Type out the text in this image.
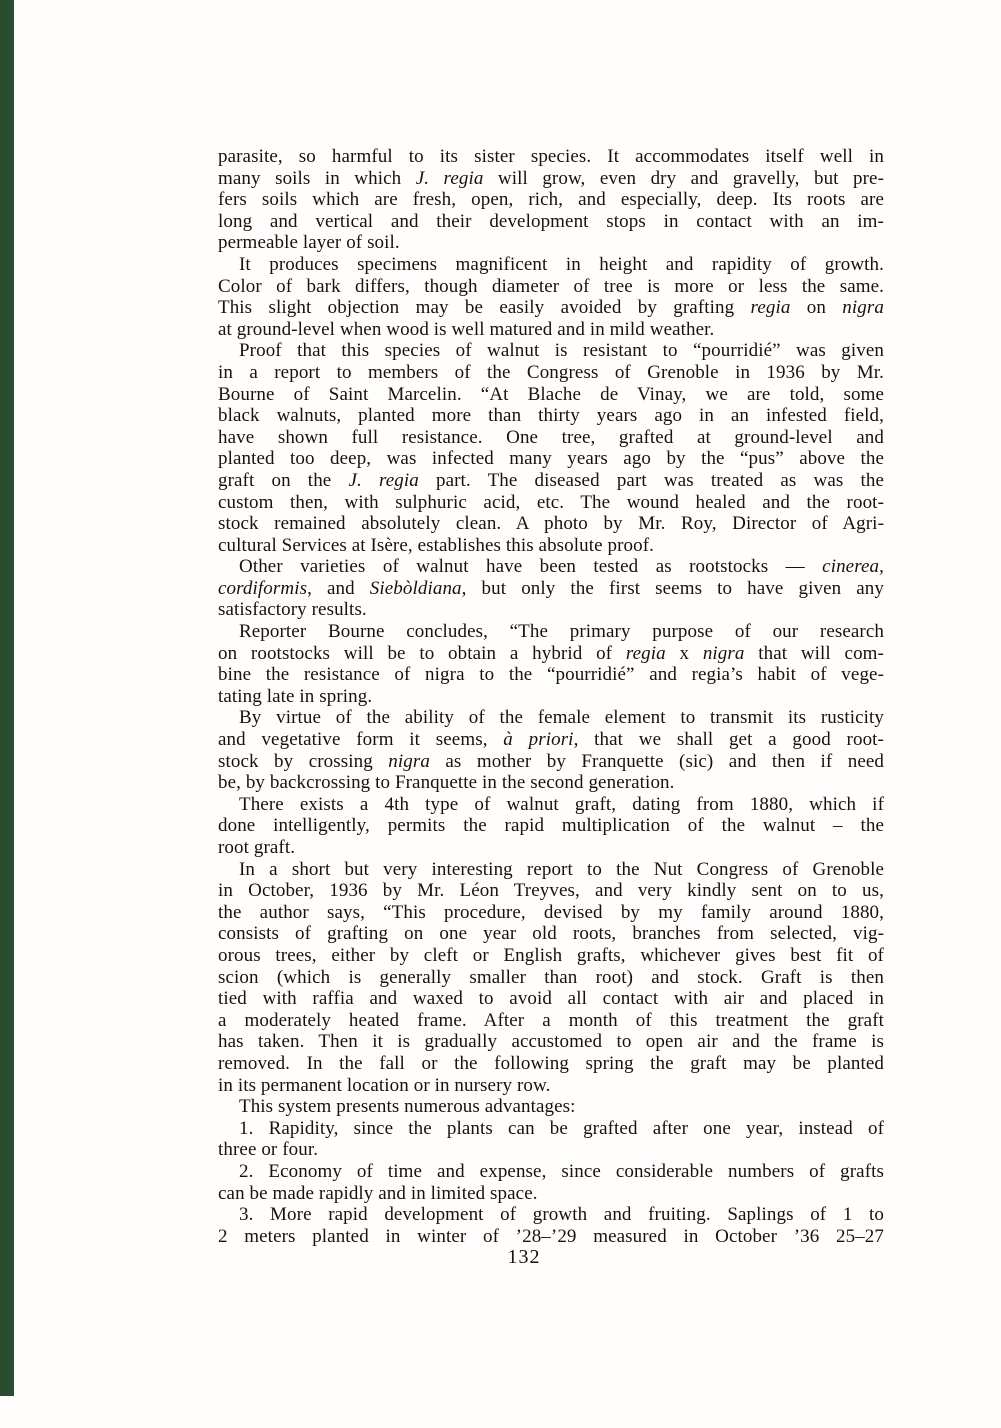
parasite, so harmful to its sister species. It accommodates itself well in
many soils in which J. regia will grow, even dry and gravelly, but pre-
fers soils which are fresh, open, rich, and especially, deep. Its roots are
long and vertical and their development stops in contact with an im-
permeable layer of soil.
It produces specimens magnificent in height and rapidity of growth.
Color of bark differs, though diameter of tree is more or less the same.
This slight objection may be easily avoided by grafting regia on nigra
at ground-level when wood is well matured and in mild weather.
Proof that this species of walnut is resistant to “pourridié” was given
in a report to members of the Congress of Grenoble in 1936 by Mr.
Bourne of Saint Marcelin. “At Blache de Vinay, we are told, some
black walnuts, planted more than thirty years ago in an infested field,
have shown full resistance. One tree, grafted at ground-level and
planted too deep, was infected many years ago by the “pus” above the
graft on the J. regia part. The diseased part was treated as was the
custom then, with sulphuric acid, etc. The wound healed and the root-
stock remained absolutely clean. A photo by Mr. Roy, Director of Agri-
cultural Services at Isère, establishes this absolute proof.
Other varieties of walnut have been tested as rootstocks — cinerea,
cordiformis, and Siebòldiana, but only the first seems to have given any
satisfactory results.
Reporter Bourne concludes, “The primary purpose of our research
on rootstocks will be to obtain a hybrid of regia x nigra that will com-
bine the resistance of nigra to the “pourridié” and regia’s habit of vege-
tating late in spring.
By virtue of the ability of the female element to transmit its rusticity
and vegetative form it seems, à priori, that we shall get a good root-
stock by crossing nigra as mother by Franquette (sic) and then if need
be, by backcrossing to Franquette in the second generation.
There exists a 4th type of walnut graft, dating from 1880, which if
done intelligently, permits the rapid multiplication of the walnut – the
root graft.
In a short but very interesting report to the Nut Congress of Grenoble
in October, 1936 by Mr. Léon Treyves, and very kindly sent on to us,
the author says, “This procedure, devised by my family around 1880,
consists of grafting on one year old roots, branches from selected, vig-
orous trees, either by cleft or English grafts, whichever gives best fit of
scion (which is generally smaller than root) and stock. Graft is then
tied with raffia and waxed to avoid all contact with air and placed in
a moderately heated frame. After a month of this treatment the graft
has taken. Then it is gradually accustomed to open air and the frame is
removed. In the fall or the following spring the graft may be planted
in its permanent location or in nursery row.
This system presents numerous advantages:
1. Rapidity, since the plants can be grafted after one year, instead of
three or four.
2. Economy of time and expense, since considerable numbers of grafts
can be made rapidly and in limited space.
3. More rapid development of growth and fruiting. Saplings of 1 to
2 meters planted in winter of ’28–’29 measured in October ’36 25–27
132
